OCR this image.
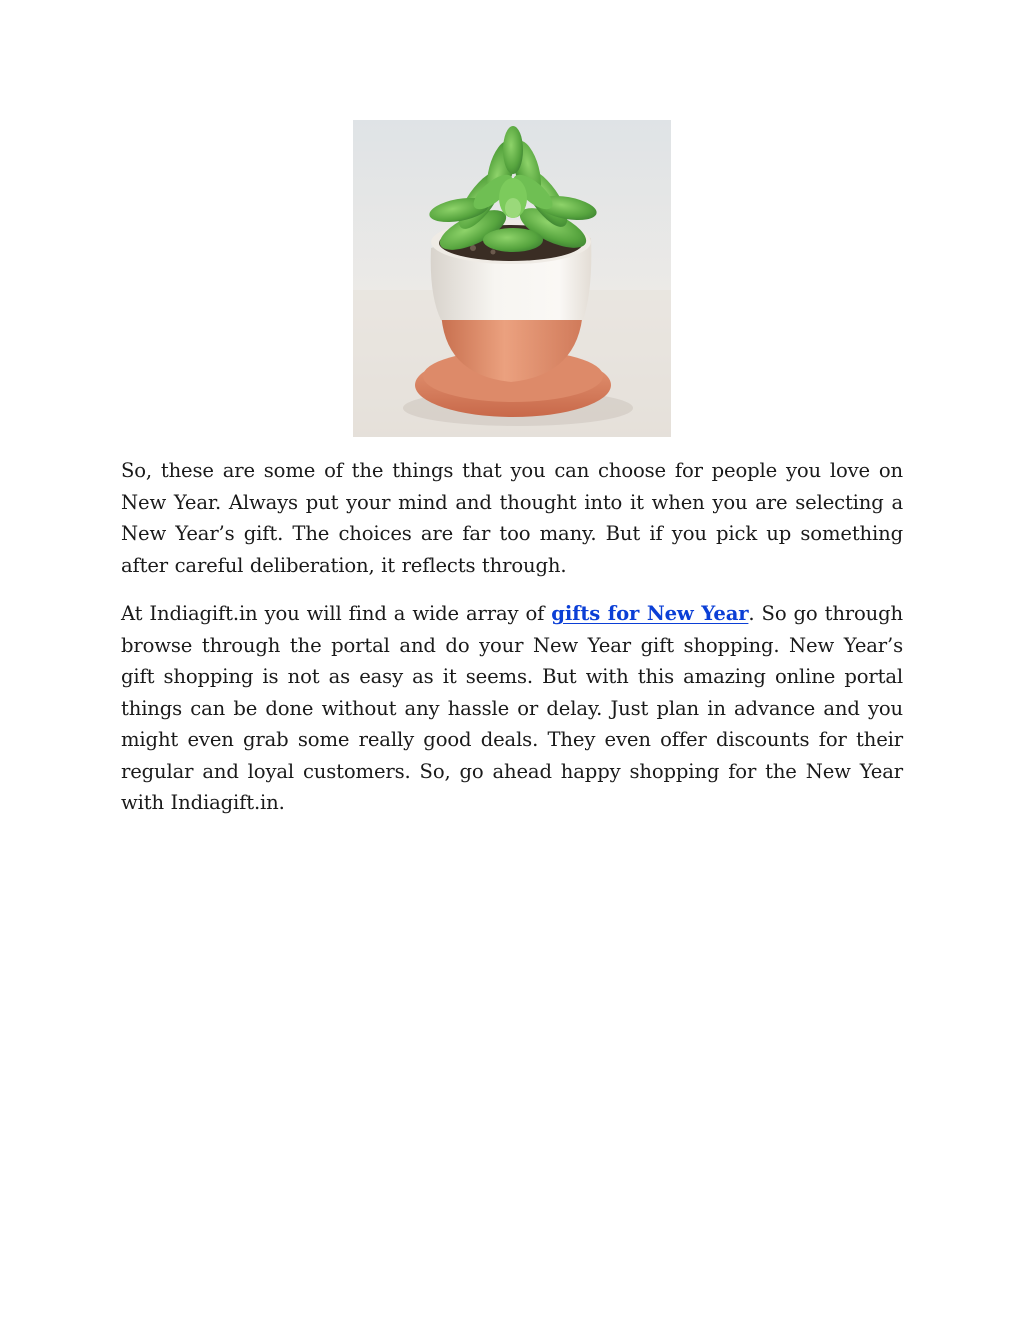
So, these are some of the things that you can choose for people you love on New Year. Always put your mind and thought into it when you are selecting a New Year’s gift. The choices are far too many. But if you pick up something after careful deliberation, it reflects through.

At Indiagift.in you will find a wide array of gifts for New Year. So go through browse through the portal and do your New Year gift shopping. New Year’s gift shopping is not as easy as it seems. But with this amazing online portal things can be done without any hassle or delay. Just plan in advance and you might even grab some really good deals. They even offer discounts for their regular and loyal customers. So, go ahead happy shopping for the New Year with Indiagift.in.
